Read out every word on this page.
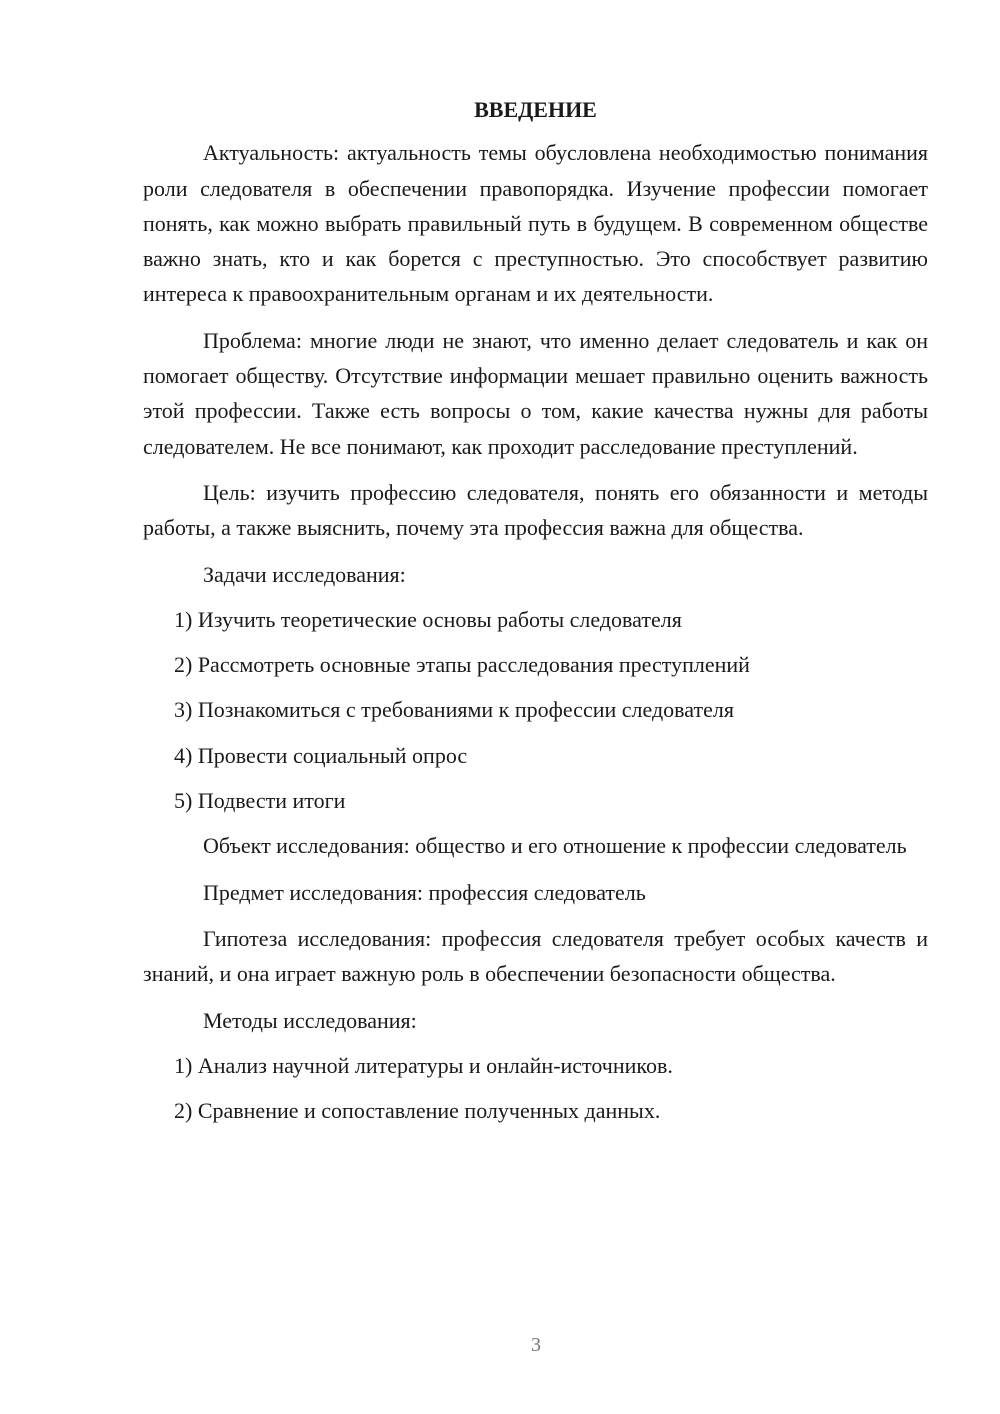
ВВЕДЕНИЕ
Актуальность: актуальность темы обусловлена необходимостью понимания роли следователя в обеспечении правопорядка. Изучение профессии помогает понять, как можно выбрать правильный путь в будущем. В современном обществе важно знать, кто и как борется с преступностью. Это способствует развитию интереса к правоохранительным органам и их деятельности.
Проблема: многие люди не знают, что именно делает следователь и как он помогает обществу. Отсутствие информации мешает правильно оценить важность этой профессии. Также есть вопросы о том, какие качества нужны для работы следователем. Не все понимают, как проходит расследование преступлений.
Цель: изучить профессию следователя, понять его обязанности и методы работы, а также выяснить, почему эта профессия важна для общества.
Задачи исследования:
1) Изучить теоретические основы работы следователя
2) Рассмотреть основные этапы расследования преступлений
3) Познакомиться с требованиями к профессии следователя
4) Провести социальный опрос
5) Подвести итоги
Объект исследования: общество и его отношение к профессии следователь
Предмет исследования: профессия следователь
Гипотеза исследования: профессия следователя требует особых качеств и знаний, и она играет важную роль в обеспечении безопасности общества.
Методы исследования:
1) Анализ научной литературы и онлайн-источников.
2) Сравнение и сопоставление полученных данных.
3
